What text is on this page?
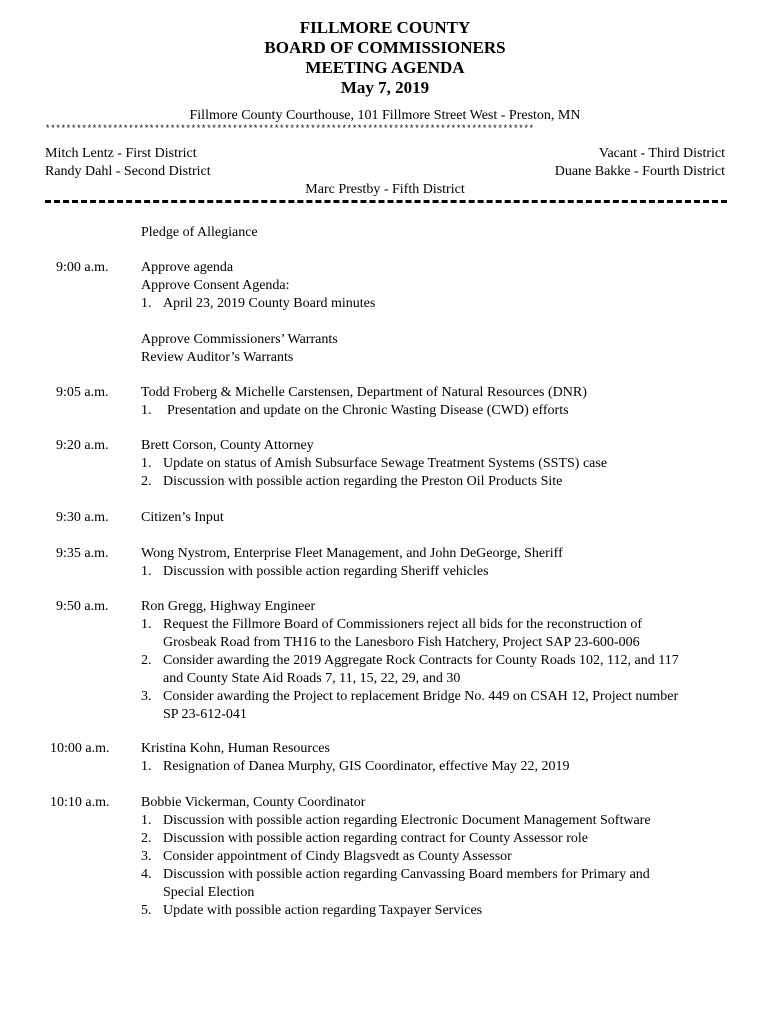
FILLMORE COUNTY
BOARD OF COMMISSIONERS
MEETING AGENDA
May 7, 2019
Fillmore County Courthouse, 101 Fillmore Street West - Preston, MN
**********************************************************************************************
Mitch Lentz - First District	Vacant - Third District
Randy Dahl - Second District	Duane Bakke - Fourth District
Marc Prestby - Fifth District
Pledge of Allegiance
9:00 a.m.	Approve agenda
Approve Consent Agenda:
1. April 23, 2019 County Board minutes
Approve Commissioners’ Warrants
Review Auditor’s Warrants
9:05 a.m.	Todd Froberg & Michelle Carstensen, Department of Natural Resources (DNR)
1. Presentation and update on the Chronic Wasting Disease (CWD) efforts
9:20 a.m.	Brett Corson, County Attorney
1. Update on status of Amish Subsurface Sewage Treatment Systems (SSTS) case
2. Discussion with possible action regarding the Preston Oil Products Site
9:30 a.m.	Citizen’s Input
9:35 a.m.	Wong Nystrom, Enterprise Fleet Management, and John DeGeorge, Sheriff
1. Discussion with possible action regarding Sheriff vehicles
9:50 a.m.	Ron Gregg, Highway Engineer
1. Request the Fillmore Board of Commissioners reject all bids for the reconstruction of
Grosbeak Road from TH16 to the Lanesboro Fish Hatchery, Project SAP 23-600-006
2. Consider awarding the 2019 Aggregate Rock Contracts for County Roads 102, 112, and 117
and County State Aid Roads 7, 11, 15, 22, 29, and 30
3. Consider awarding the Project to replacement Bridge No. 449 on CSAH 12, Project number
SP 23-612-041
10:00 a.m.	Kristina Kohn, Human Resources
1. Resignation of Danea Murphy, GIS Coordinator, effective May 22, 2019
10:10 a.m.	Bobbie Vickerman, County Coordinator
1. Discussion with possible action regarding Electronic Document Management Software
2. Discussion with possible action regarding contract for County Assessor role
3. Consider appointment of Cindy Blagsvedt as County Assessor
4. Discussion with possible action regarding Canvassing Board members for Primary and
Special Election
5. Update with possible action regarding Taxpayer Services
